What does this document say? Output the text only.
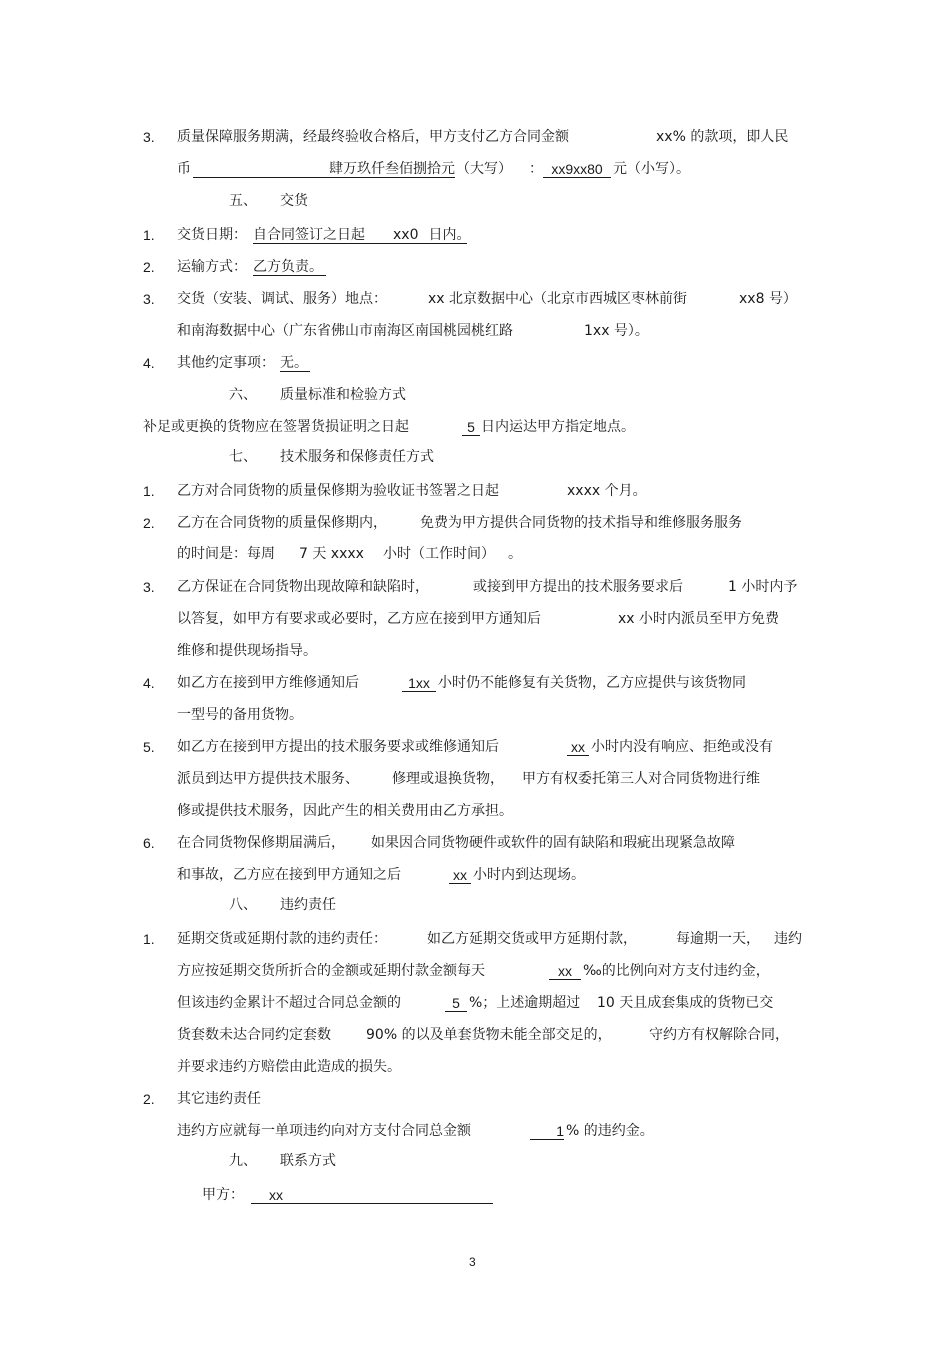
3. 质量保障服务期满，经最终验收合格后，甲方支付乙方合同金额	xx% 的款项，即人民
币	肆万玖仟叁佰捌拾元 （大写） ： xx9xx80 元（小写）。
五、 交货
1. 交货日期： 自合同签订之日起 xx0 日内。
2. 运输方式： 乙方负责。
3. 交货（安装、调试、服务）地点：	xx 北京数据中心（北京市西城区枣林前街	xx8 号）
和南海数据中心（广东省佛山市南海区南国桃园桃红路	1xx 号）。
4. 其他约定事项： 无。
六、 质量标准和检验方式
补足或更换的货物应在签署货损证明之日起	5 日内运达甲方指定地点。
七、 技术服务和保修责任方式
1. 乙方对合同货物的质量保修期为验收证书签署之日起	xxxx 个月。
2. 乙方在合同货物的质量保修期内， 免费为甲方提供合同货物的技术指导和维修服务服务
的时间是：每周 7 天 xxxx 小时（工作时间） 。
3. 乙方保证在合同货物出现故障和缺陷时，	或接到甲方提出的技术服务要求后	1 小时内予
以答复，如甲方有要求或必要时，乙方应在接到甲方通知后	xx 小时内派员至甲方免费
维修和提供现场指导。
4. 如乙方在接到甲方维修通知后	1xx 小时仍不能修复有关货物，乙方应提供与该货物同
一型号的备用货物。
5. 如乙方在接到甲方提出的技术服务要求或维修通知后	xx 小时内没有响应、拒绝或没有
派员到达甲方提供技术服务、 修理或退换货物， 甲方有权委托第三人对合同货物进行维
修或提供技术服务，因此产生的相关费用由乙方承担。
6. 在合同货物保修期届满后， 如果因合同货物硬件或软件的固有缺陷和瑕疵出现紧急故障
和事故，乙方应在接到甲方通知之后	xx 小时内到达现场。
八、 违约责任
1. 延期交货或延期付款的违约责任：	如乙方延期交货或甲方延期付款，	每逾期一天， 违约
方应按延期交货所折合的金额或延期付款金额每天	xx ‰的比例向对方支付违约金，
但该违约金累计不超过合同总金额的	5 %；上述逾期超过 10 天且成套集成的货物已交
货套数未达合同约定套数	90% 的以及单套货物未能全部交足的，	守约方有权解除合同，
并要求违约方赔偿由此造成的损失。
2. 其它违约责任
违约方应就每一单项违约向对方支付合同总金额	1 % 的违约金。
九、 联系方式
甲方：	xx
3
